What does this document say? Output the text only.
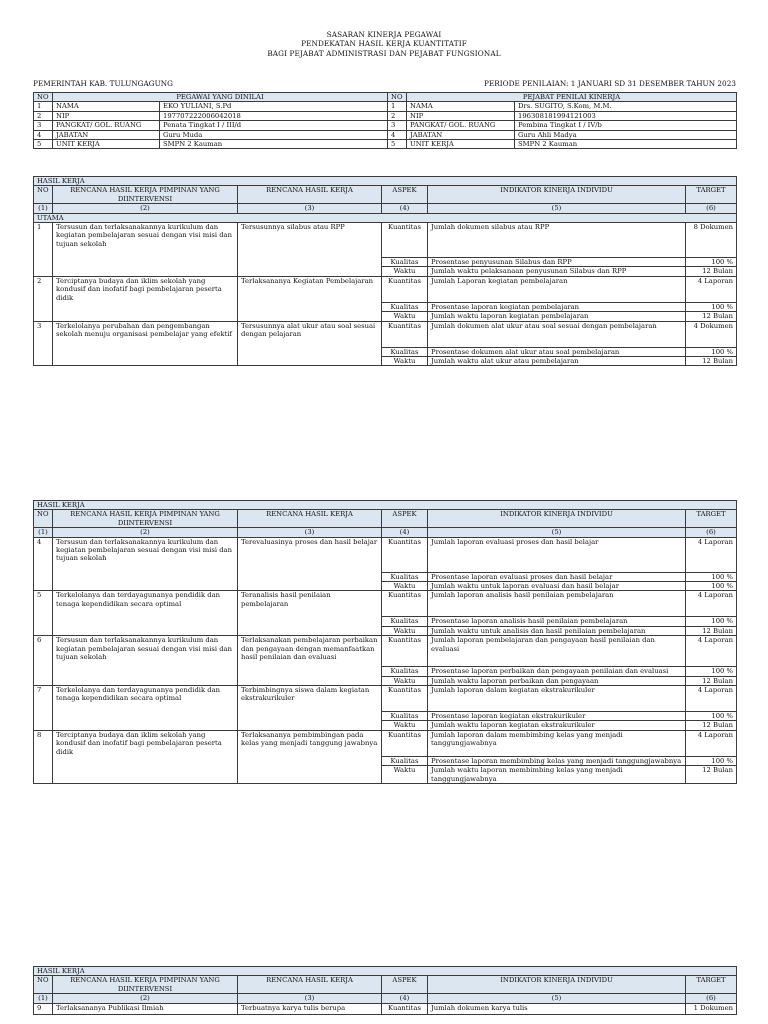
SASARAN KINERJA PEGAWAI
PENDEKATAN HASIL KERJA KUANTITATIF
BAGI PEJABAT ADMINISTRASI DAN PEJABAT FUNGSIONAL
PEMERINTAH KAB. TULUNGAGUNG	PERIODE PENILAIAN: 1 JANUARI SD 31 DESEMBER TAHUN 2023
NO	PEGAWAI YANG DINILAI		NO	PEJABAT PENILAI KINERJA	
1	NAMA	EKO YULIANI, S.Pd	1	NAMA	Drs. SUGITO, S.Kom, M.M.
2	NIP	197707222006042018	2	NIP	196308181994121003
3	PANGKAT/ GOL. RUANG	Penata Tingkat I / III/d	3	PANGKAT/ GOL. RUANG	Pembina Tingkat I / IV/b
4	JABATAN	Guru Muda	4	JABATAN	Guru Ahli Madya
5	UNIT KERJA	SMPN 2 Kauman	5	UNIT KERJA	SMPN 2 Kauman
HASIL KERJA					
NO	RENCANA HASIL KERJA PIMPINAN YANG DIINTERVENSI	RENCANA HASIL KERJA	ASPEK	INDIKATOR KINERJA INDIVIDU	TARGET
(1)	(2)	(3)	(4)	(5)	(6)
UTAMA					
1	Tersusun dan terlaksanakannya kurikulum dan kegiatan pembelajaran sesuai dengan visi misi dan tujuan sekolah	Tersusunnya silabus atau RPP	Kuantitas	Jumlah dokumen silabus atau RPP	8 Dokumen
			Kualitas	Prosentase penyusunan Silabus dan RPP	100 %
			Waktu	Jumlah waktu pelaksanaan penyusunan Silabus dan RPP	12 Bulan
2	Terciptanya budaya dan iklim sekolah yang kondusif dan inofatif bagi pembelajaran peserta didik	Terlaksananya Kegiatan Pembelajaran	Kuantitas	Jumlah Laporan kegiatan pembelajaran	4 Laporan
			Kualitas	Prosentase laporan kegiatan pembelajaran	100 %
			Waktu	Jumlah waktu laporan kegiatan pembelajaran	12 Bulan
3	Terkelolanya perubahan dan pengembangan sekolah menuju organisasi pembelajar yang efektif	Tersusunnya alat ukur atau soal sesuai dengan pelajaran	Kuantitas	Jumlah dokumen alat ukur atau soal sesuai dengan pembelajaran	4 Dokumen
			Kualitas	Prosentase dokumen alat ukur atau soal pembelajaran	100 %
			Waktu	Jumlah waktu alat ukur atau pembelajaran	12 Bulan
HASIL KERJA					
NO	RENCANA HASIL KERJA PIMPINAN YANG DIINTERVENSI	RENCANA HASIL KERJA	ASPEK	INDIKATOR KINERJA INDIVIDU	TARGET
(1)	(2)	(3)	(4)	(5)	(6)
4	Tersusun dan terlaksanakannya kurikulum dan kegiatan pembelajaran sesuai dengan visi misi dan tujuan sekolah	Terevaluasinya proses dan hasil belajar	Kuantitas	Jumlah laporan evaluasi proses dan hasil belajar	4 Laporan
			Kualitas	Prosentase laporan evaluasi proses dan hasil belajar	100 %
			Waktu	Jumlah waktu untuk laporan evaluasi dan hasil belajar	100 %
5	Terkelolanya dan terdayagunanya pendidik dan tenaga kependidikan secara optimal	Teranalisis hasil penilaian pembelajaran	Kuantitas	Jumlah laporan analisis hasil penilaian pembelajaran	4 Laporan
			Kualitas	Prosentase laporan analisis hasil penilaian pembelajaran	100 %
			Waktu	Jumlah waktu untuk analisis dan hasil penilaian pembelajaran	12 Bulan
6	Tersusun dan terlaksanakannya kurikulum dan kegiatan pembelajaran sesuai dengan visi misi dan tujuan sekolah	Terlaksanakan pembelajaran perbaikan dan pengayaan dengan memanfaatkan hasil penilaian dan evaluasi	Kuantitas	Jumlah laporan pembelajaran dan pengayaan hasil penilaian dan evaluasi	4 Laporan
			Kualitas	Prosentase laporan perbaikan dan pengayaan penilaian dan evaluasi	100 %
			Waktu	Jumlah waktu laporan perbaikan dan pengayaan	12 Bulan
7	Terkelolanya dan terdayagunanya pendidik dan tenaga kependidikan secara optimal	Terbimbingnya siswa dalam kegiatan ekstrakurikuler	Kuantitas	Jumlah laporan dalam kegiatan ekstrakurikuler	4 Laporan
			Kualitas	Prosentase laporan kegiatan ekstrakurikuler	100 %
			Waktu	Jumlah waktu laporan kegiatan ekstrakurikuler	12 Bulan
8	Terciptanya budaya dan iklim sekolah yang kondusif dan inofatif bagi pembelajaran peserta didik	Terlaksananya pembimbingan pada kelas yang menjadi tanggung jawabnya	Kuantitas	Jumlah laporan dalam membimbing kelas yang menjadi tanggungjawabnya	4 Laporan
			Kualitas	Prosentase laporan membimbing kelas yang menjadi tanggungjawabnya	100 %
			Waktu	Jumlah waktu laporan membimbing kelas yang menjadi tanggungjawabnya	12 Bulan
HASIL KERJA					
NO	RENCANA HASIL KERJA PIMPINAN YANG DIINTERVENSI	RENCANA HASIL KERJA	ASPEK	INDIKATOR KINERJA INDIVIDU	TARGET
(1)	(2)	(3)	(4)	(5)	(6)
9	Terlaksananya Publikasi Ilmiah	Terbuatnya karya tulis berupa	Kuantitas	Jumlah dokumen karya tulis	1 Dokumen
